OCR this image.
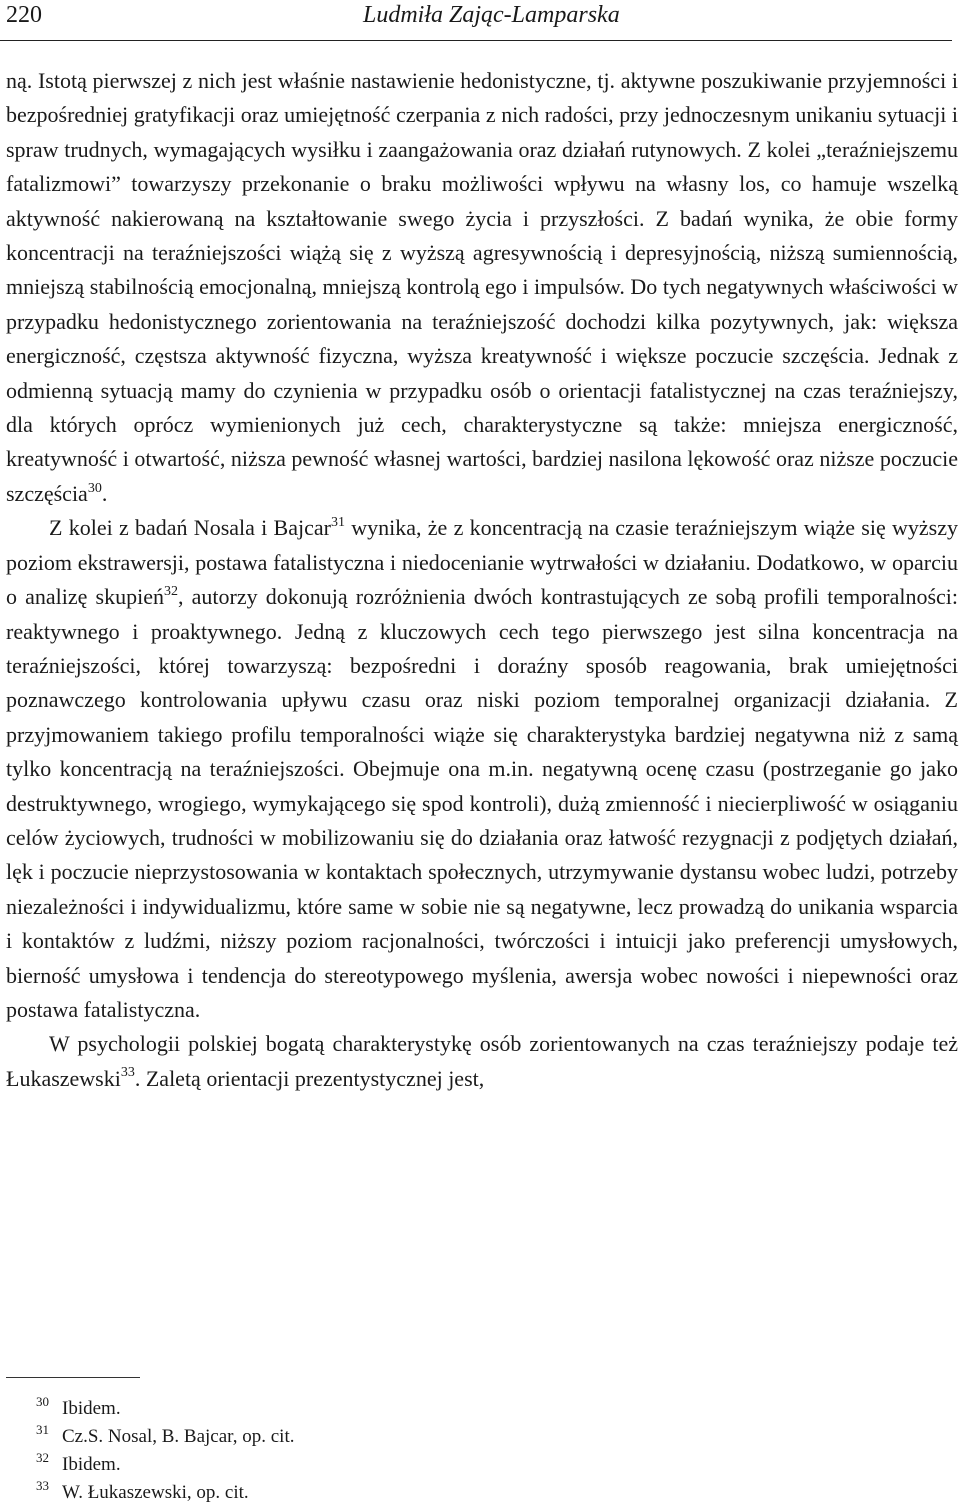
220	Ludmiła Zając-Lamparska

ną. Istotą pierwszej z nich jest właśnie nastawienie hedonistyczne, tj. aktywne poszukiwanie przyjemności i bezpośredniej gratyfikacji oraz umiejętność czerpania z nich radości, przy jednoczesnym unikaniu sytuacji i spraw trudnych, wymagających wysiłku i zaangażowania oraz działań rutynowych. Z kolei „teraźniejszemu fatalizmowi” towarzyszy przekonanie o braku możliwości wpływu na własny los, co hamuje wszelką aktywność nakierowaną na kształtowanie swego życia i przyszłości. Z badań wynika, że obie formy koncentracji na teraźniejszości wiążą się z wyższą agresywnością i depresyjnością, niższą sumiennością, mniejszą stabilnością emocjonalną, mniejszą kontrolą ego i impulsów. Do tych negatywnych właściwości w przypadku hedonistycznego zorientowania na teraźniejszość dochodzi kilka pozytywnych, jak: większa energiczność, częstsza aktywność fizyczna, wyższa kreatywność i większe poczucie szczęścia. Jednak z odmienną sytuacją mamy do czynienia w przypadku osób o orientacji fatalistycznej na czas teraźniejszy, dla których oprócz wymienionych już cech, charakterystyczne są także: mniejsza energiczność, kreatywność i otwartość, niższa pewność własnej wartości, bardziej nasilona lękowość oraz niższe poczucie szczęścia$^{30}$.

Z kolei z badań Nosala i Bajcar$^{31}$ wynika, że z koncentracją na czasie teraźniejszym wiąże się wyższy poziom ekstrawersji, postawa fatalistyczna i niedocenianie wytrwałości w działaniu. Dodatkowo, w oparciu o analizę skupień$^{32}$, autorzy dokonują rozróżnienia dwóch kontrastujących ze sobą profili temporalności: reaktywnego i proaktywnego. Jedną z kluczowych cech tego pierwszego jest silna koncentracja na teraźniejszości, której towarzyszą: bezpośredni i doraźny sposób reagowania, brak umiejętności poznawczego kontrolowania upływu czasu oraz niski poziom temporalnej organizacji działania. Z przyjmowaniem takiego profilu temporalności wiąże się charakterystyka bardziej negatywna niż z samą tylko koncentracją na teraźniejszości. Obejmuje ona m.in. negatywną ocenę czasu (postrzeganie go jako destruktywnego, wrogiego, wymykającego się spod kontroli), dużą zmienność i niecierpliwość w osiąganiu celów życiowych, trudności w mobilizowaniu się do działania oraz łatwość rezygnacji z podjętych działań, lęk i poczucie nieprzystosowania w kontaktach społecznych, utrzymywanie dystansu wobec ludzi, potrzeby niezależności i indywidualizmu, które same w sobie nie są negatywne, lecz prowadzą do unikania wsparcia i kontaktów z ludźmi, niższy poziom racjonalności, twórczości i intuicji jako preferencji umysłowych, bierność umysłowa i tendencja do stereotypowego myślenia, awersja wobec nowości i niepewności oraz postawa fatalistyczna.

W psychologii polskiej bogatą charakterystykę osób zorientowanych na czas teraźniejszy podaje też Łukaszewski$^{33}$. Zaletą orientacji prezentystycznej jest,

30 Ibidem.
31 Cz.S. Nosal, B. Bajcar, op. cit.
32 Ibidem.
33 W. Łukaszewski, op. cit.
